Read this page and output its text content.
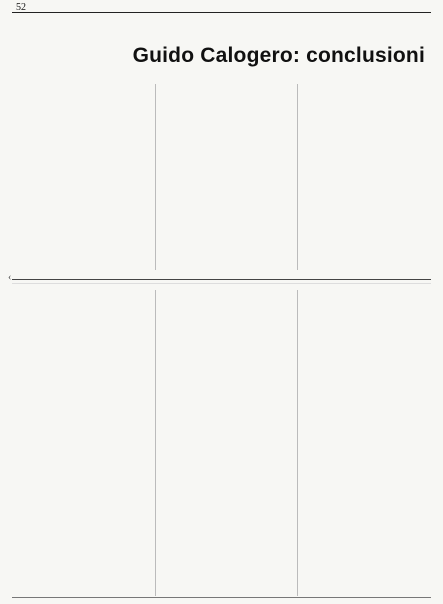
52
Guido Calogero: conclusioni
‹
